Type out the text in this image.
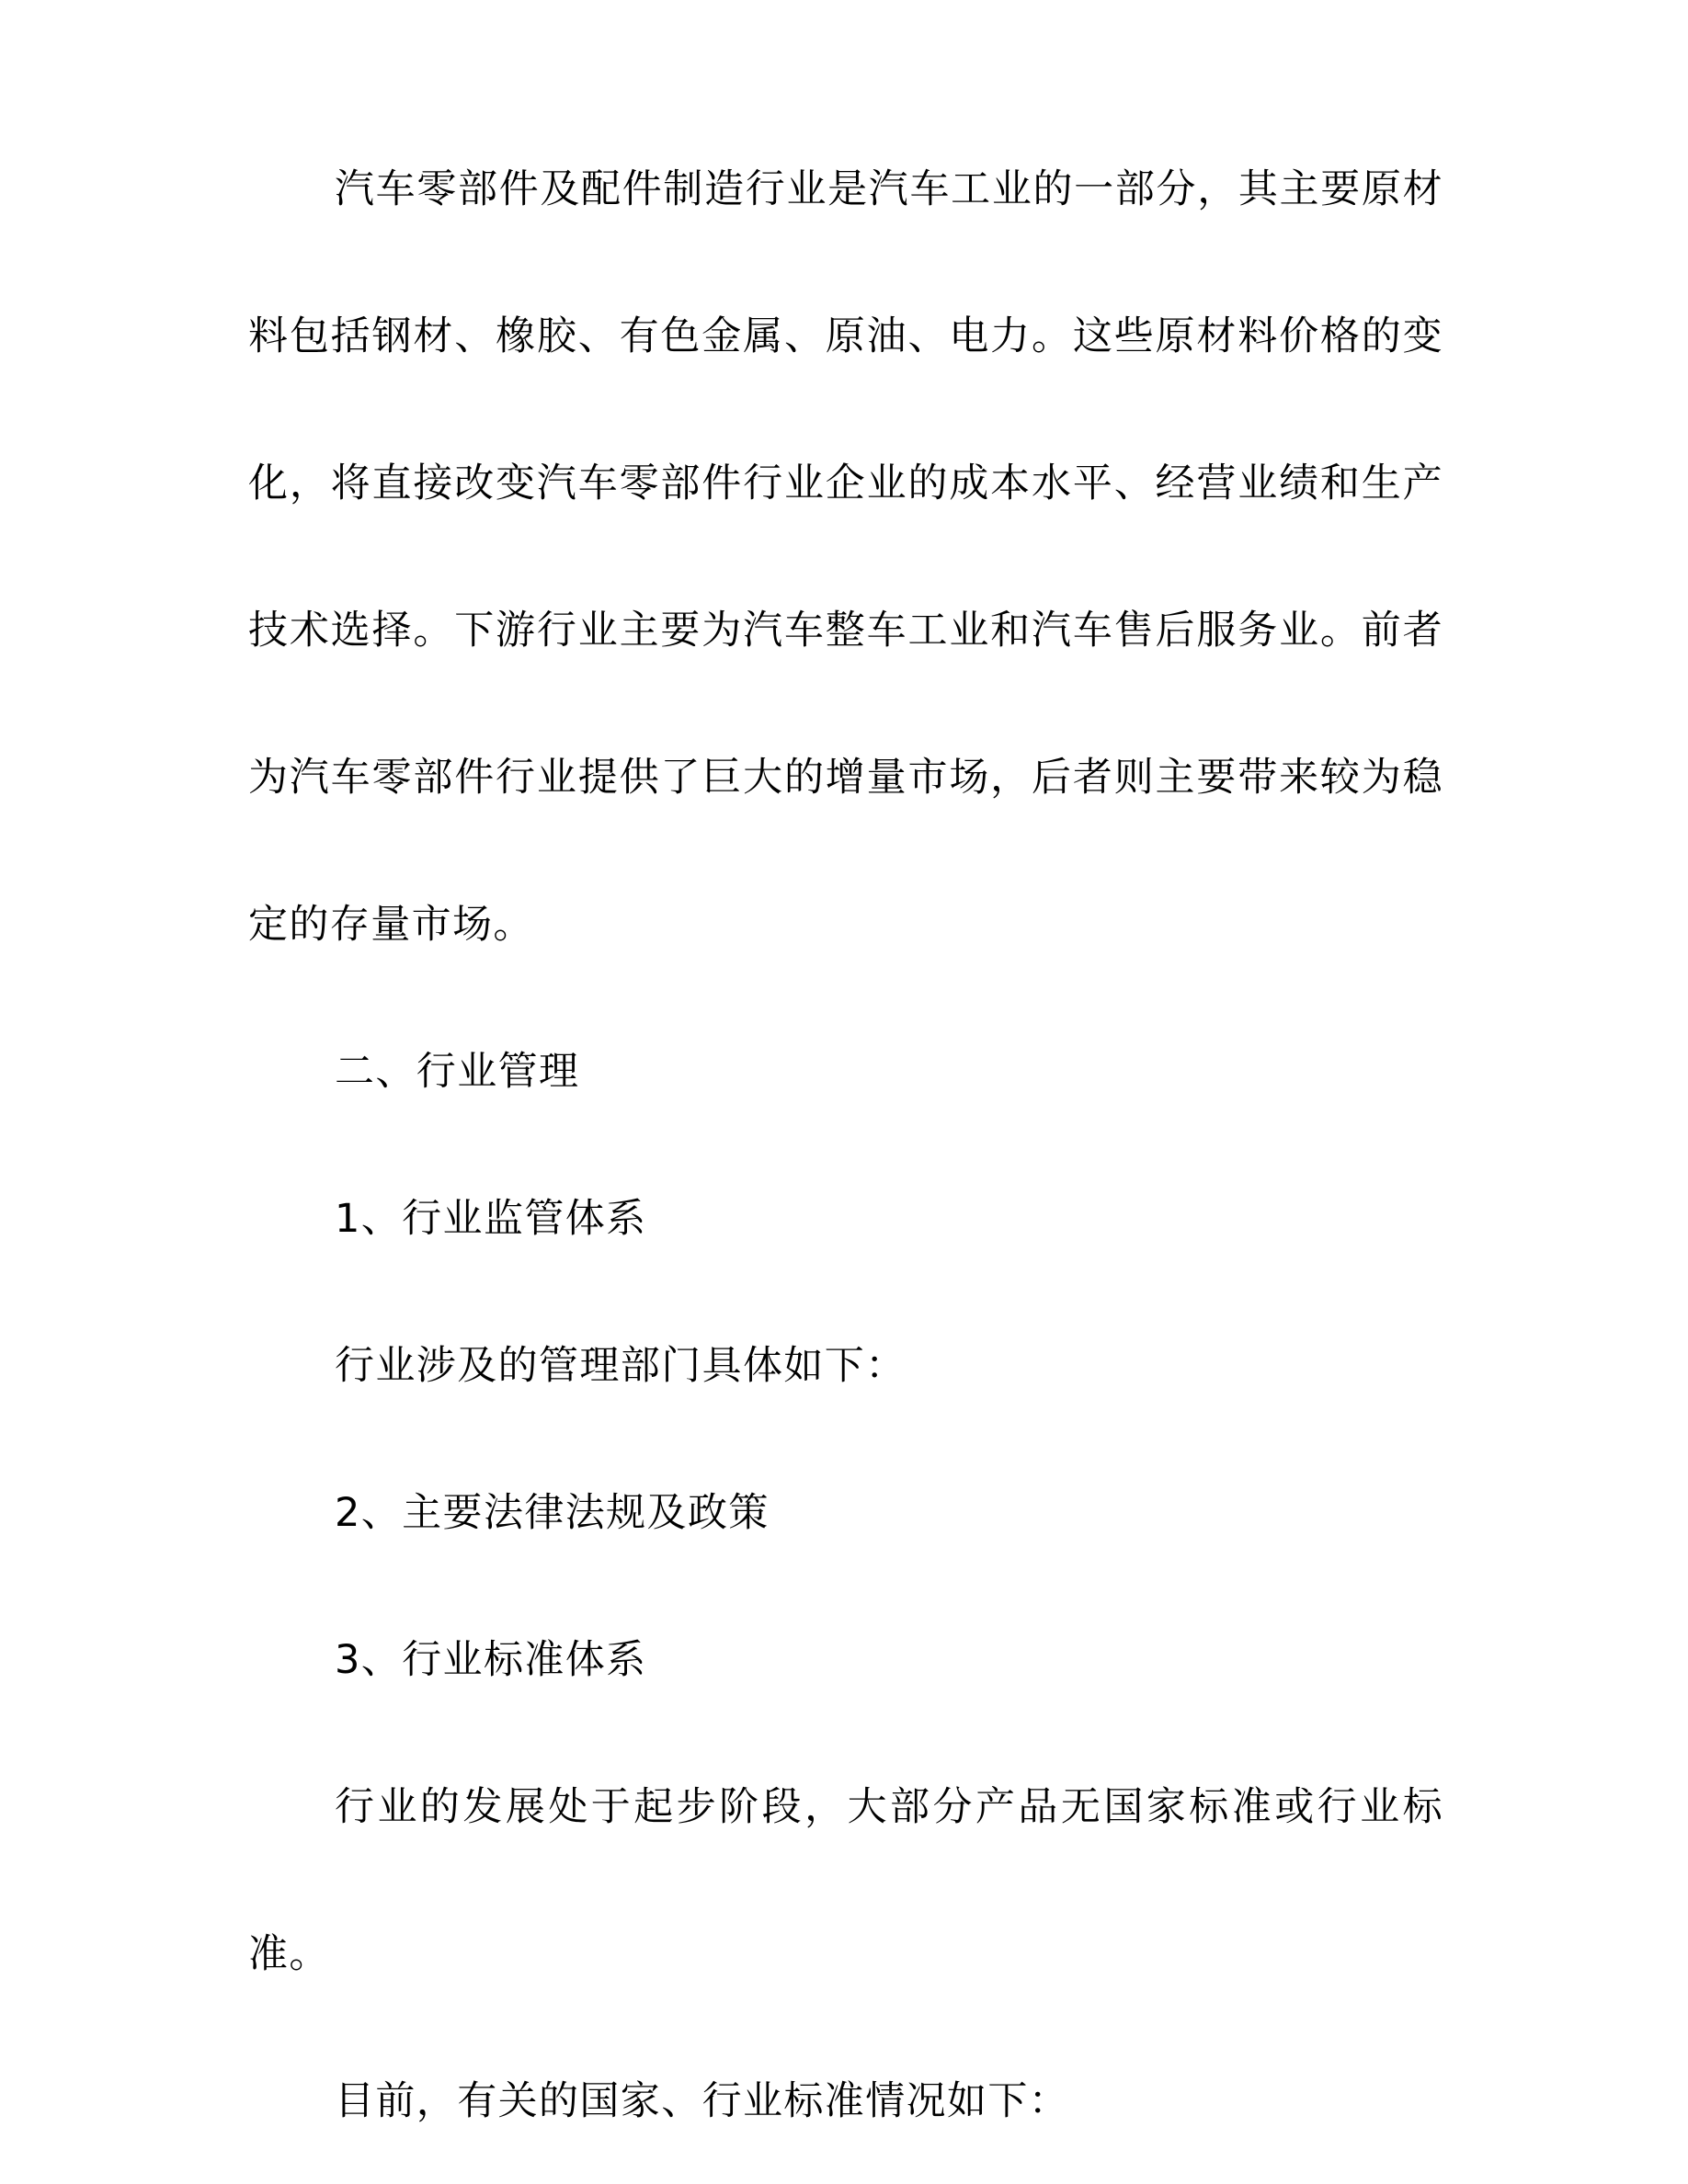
汽车零部件及配件制造行业是汽车工业的一部分，其主要原材料包括钢材、橡胶、有色金属、原油、电力。这些原材料价格的变化，将直接改变汽车零部件行业企业的成本水平、经营业绩和生产技术选择。下游行业主要为汽车整车工业和汽车售后服务业。前者为汽车零部件行业提供了巨大的增量市场，后者则主要带来较为稳定的存量市场。

二、行业管理

1、行业监管体系

行业涉及的管理部门具体如下：

2、主要法律法规及政策

3、行业标准体系

行业的发展处于起步阶段，大部分产品无国家标准或行业标准。

目前，有关的国家、行业标准情况如下：
